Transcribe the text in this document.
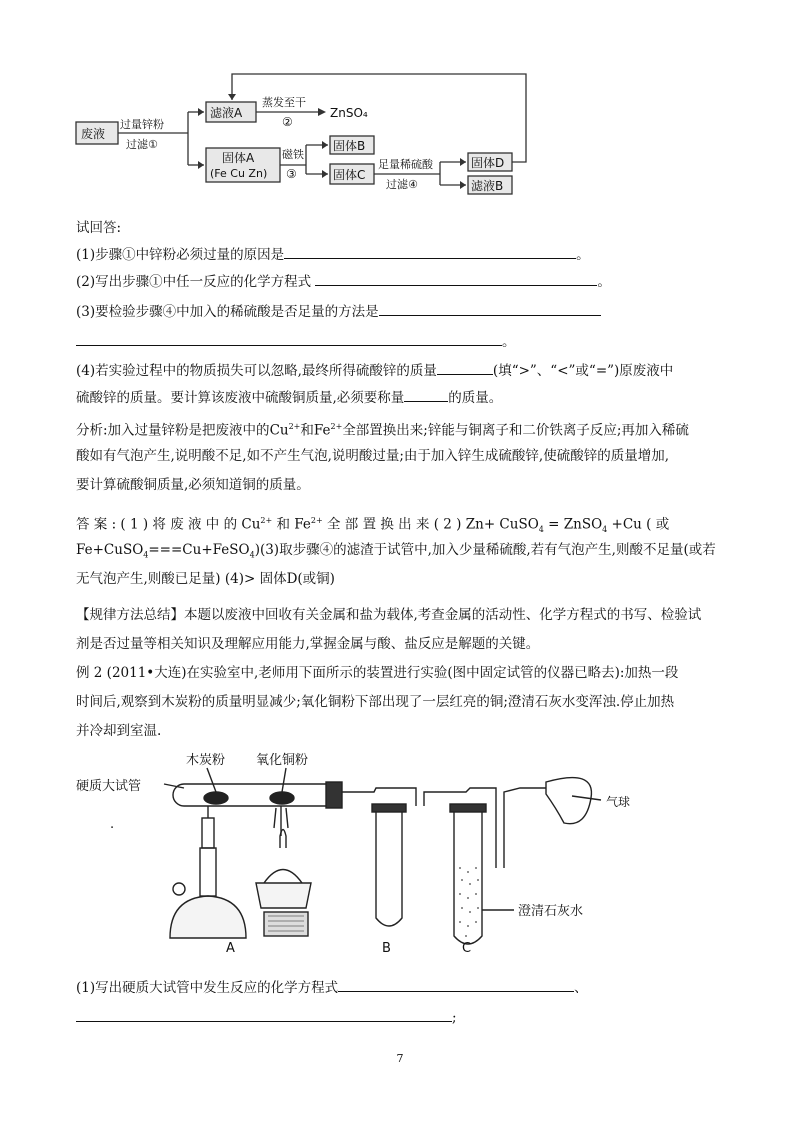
废液
过量锌粉
过滤①
滤液A
蒸发至干
②
ZnSO₄
固体A
(Fe Cu Zn)
磁铁
③
固体B
固体C
足量稀硫酸
过滤④
固体D
滤液B
试回答:
(1)步骤①中锌粉必须过量的原因是	。
(2)写出步骤①中任一反应的化学方程式	。
(3)要检验步骤④中加入的稀硫酸是否足量的方法是
。
(4)若实验过程中的物质损失可以忽略,最终所得硫酸锌的质量	(填“>”、“<”或“=”)原废液中
硫酸锌的质量。要计算该废液中硫酸铜质量,必须要称量	的质量。
分析:加入过量锌粉是把废液中的$Cu^{2+}$和$Fe^{2+}$全部置换出来;锌能与铜离子和二价铁离子反应;再加入稀硫
酸如有气泡产生,说明酸不足,如不产生气泡,说明酸过量;由于加入锌生成硫酸锌,使硫酸锌的质量增加,
要计算硫酸铜质量,必须知道铜的质量。
答 案 : ( 1 ) 将 废 液 中 的 $Cu^{2+}$ 和 $Fe^{2+}$ 全 部 置 换 出 来 ( 2 ) Zn+ CuSO$_4$ = ZnSO$_4$ +Cu ( 或
Fe+CuSO$_4$===Cu+FeSO$_4$)(3)取步骤④的滤渣于试管中,加入少量稀硫酸,若有气泡产生,则酸不足量(或若
无气泡产生,则酸已足量) (4)> 固体D(或铜)
【规律方法总结】本题以废液中回收有关金属和盐为载体,考查金属的活动性、化学方程式的书写、检验试
剂是否过量等相关知识及理解应用能力,掌握金属与酸、盐反应是解题的关键。
例 2 (2011•大连)在实验室中,老师用下面所示的装置进行实验(图中固定试管的仪器已略去):加热一段
时间后,观察到木炭粉的质量明显减少;氧化铜粉下部出现了一层红亮的铜;澄清石灰水变浑浊.停止加热
并冷却到室温.
木炭粉 氧化铜粉
硬质大试管
气球
澄清石灰水
A	B	C
.
(1)写出硬质大试管中发生反应的化学方程式	、
;
7
